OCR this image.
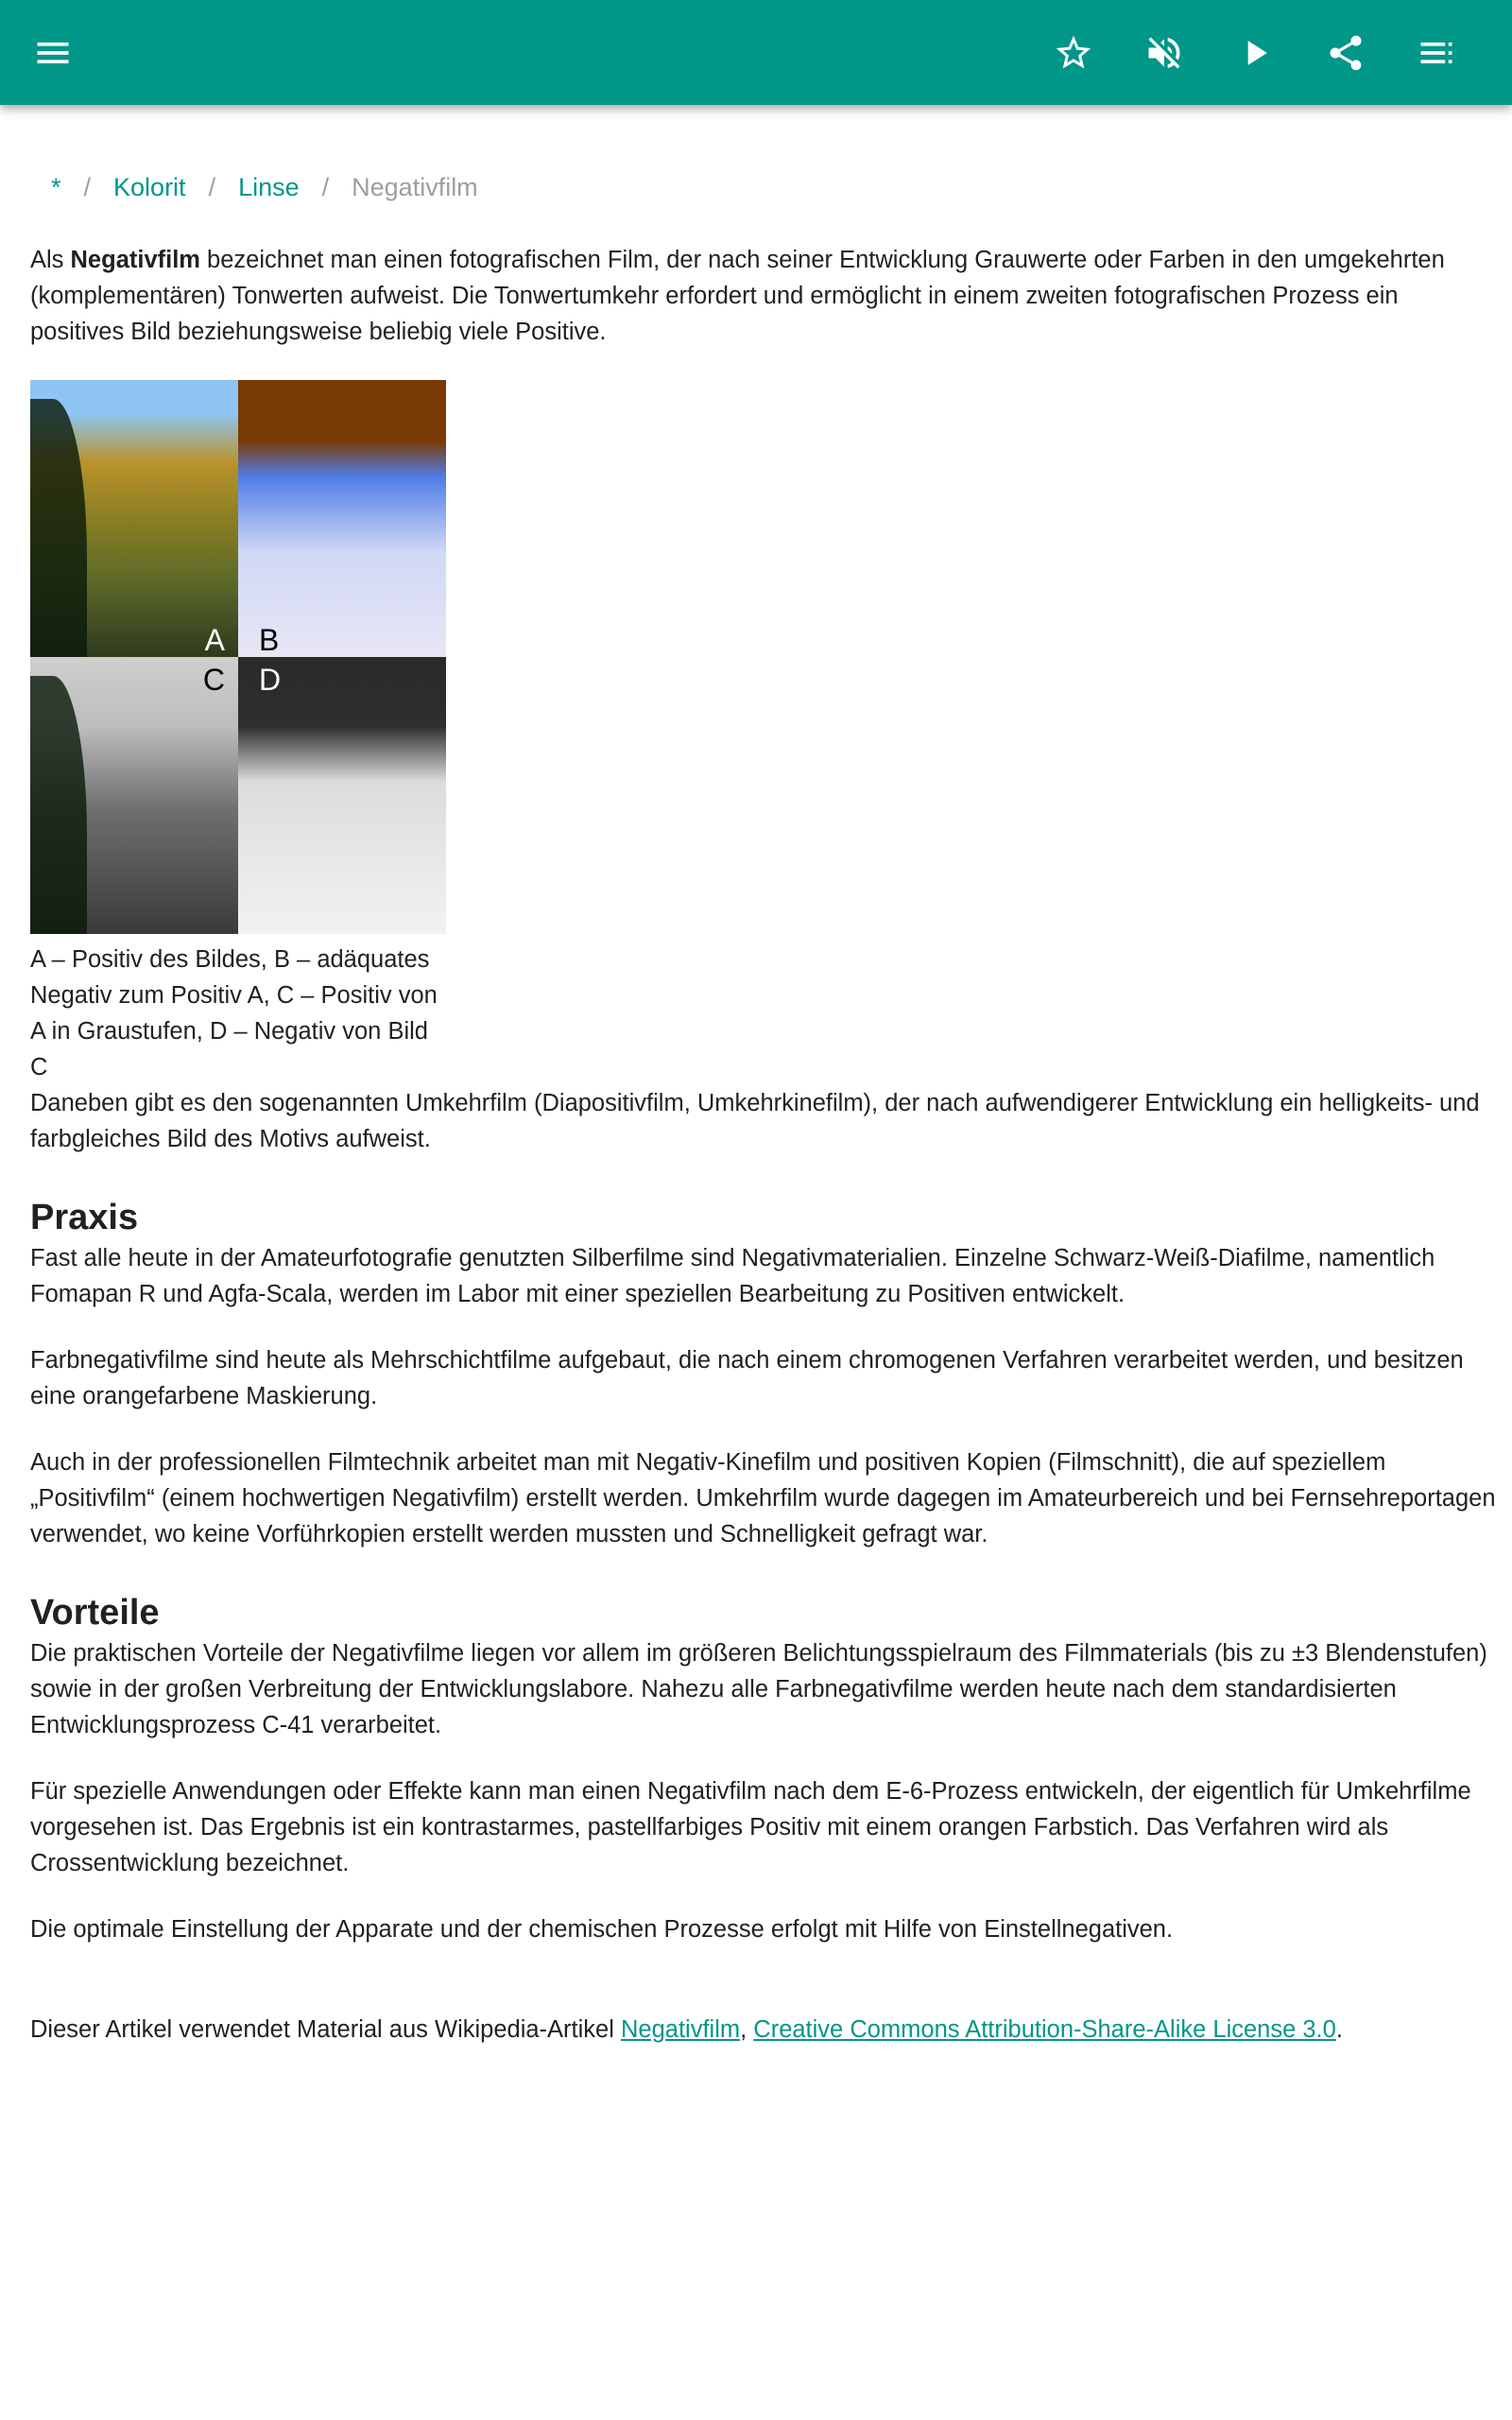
* / Kolorit / Linse / Negativfilm

Als Negativfilm bezeichnet man einen fotografischen Film, der nach seiner Entwicklung Grauwerte oder Farben in den umgekehrten (komplementären) Tonwerten aufweist. Die Tonwertumkehr erfordert und ermöglicht in einem zweiten fotografischen Prozess ein positives Bild beziehungsweise beliebig viele Positive.

A B
C D
A – Positiv des Bildes, B – adäquates Negativ zum Positiv A, C – Positiv von A in Graustufen, D – Negativ von Bild C

Daneben gibt es den sogenannten Umkehrfilm (Diapositivfilm, Umkehrkinefilm), der nach aufwendigerer Entwicklung ein helligkeits- und farbgleiches Bild des Motivs aufweist.

Praxis

Fast alle heute in der Amateurfotografie genutzten Silberfilme sind Negativmaterialien. Einzelne Schwarz-Weiß-Diafilme, namentlich Fomapan R und Agfa-Scala, werden im Labor mit einer speziellen Bearbeitung zu Positiven entwickelt.

Farbnegativfilme sind heute als Mehrschichtfilme aufgebaut, die nach einem chromogenen Verfahren verarbeitet werden, und besitzen eine orangefarbene Maskierung.

Auch in der professionellen Filmtechnik arbeitet man mit Negativ-Kinefilm und positiven Kopien (Filmschnitt), die auf speziellem „Positivfilm“ (einem hochwertigen Negativfilm) erstellt werden. Umkehrfilm wurde dagegen im Amateurbereich und bei Fernsehreportagen verwendet, wo keine Vorführkopien erstellt werden mussten und Schnelligkeit gefragt war.

Vorteile

Die praktischen Vorteile der Negativfilme liegen vor allem im größeren Belichtungsspielraum des Filmmaterials (bis zu ±3 Blendenstufen) sowie in der großen Verbreitung der Entwicklungslabore. Nahezu alle Farbnegativfilme werden heute nach dem standardisierten Entwicklungsprozess C-41 verarbeitet.

Für spezielle Anwendungen oder Effekte kann man einen Negativfilm nach dem E-6-Prozess entwickeln, der eigentlich für Umkehrfilme vorgesehen ist. Das Ergebnis ist ein kontrastarmes, pastellfarbiges Positiv mit einem orangen Farbstich. Das Verfahren wird als Crossentwicklung bezeichnet.

Die optimale Einstellung der Apparate und der chemischen Prozesse erfolgt mit Hilfe von Einstellnegativen.

Dieser Artikel verwendet Material aus Wikipedia-Artikel Negativfilm, Creative Commons Attribution-Share-Alike License 3.0.
